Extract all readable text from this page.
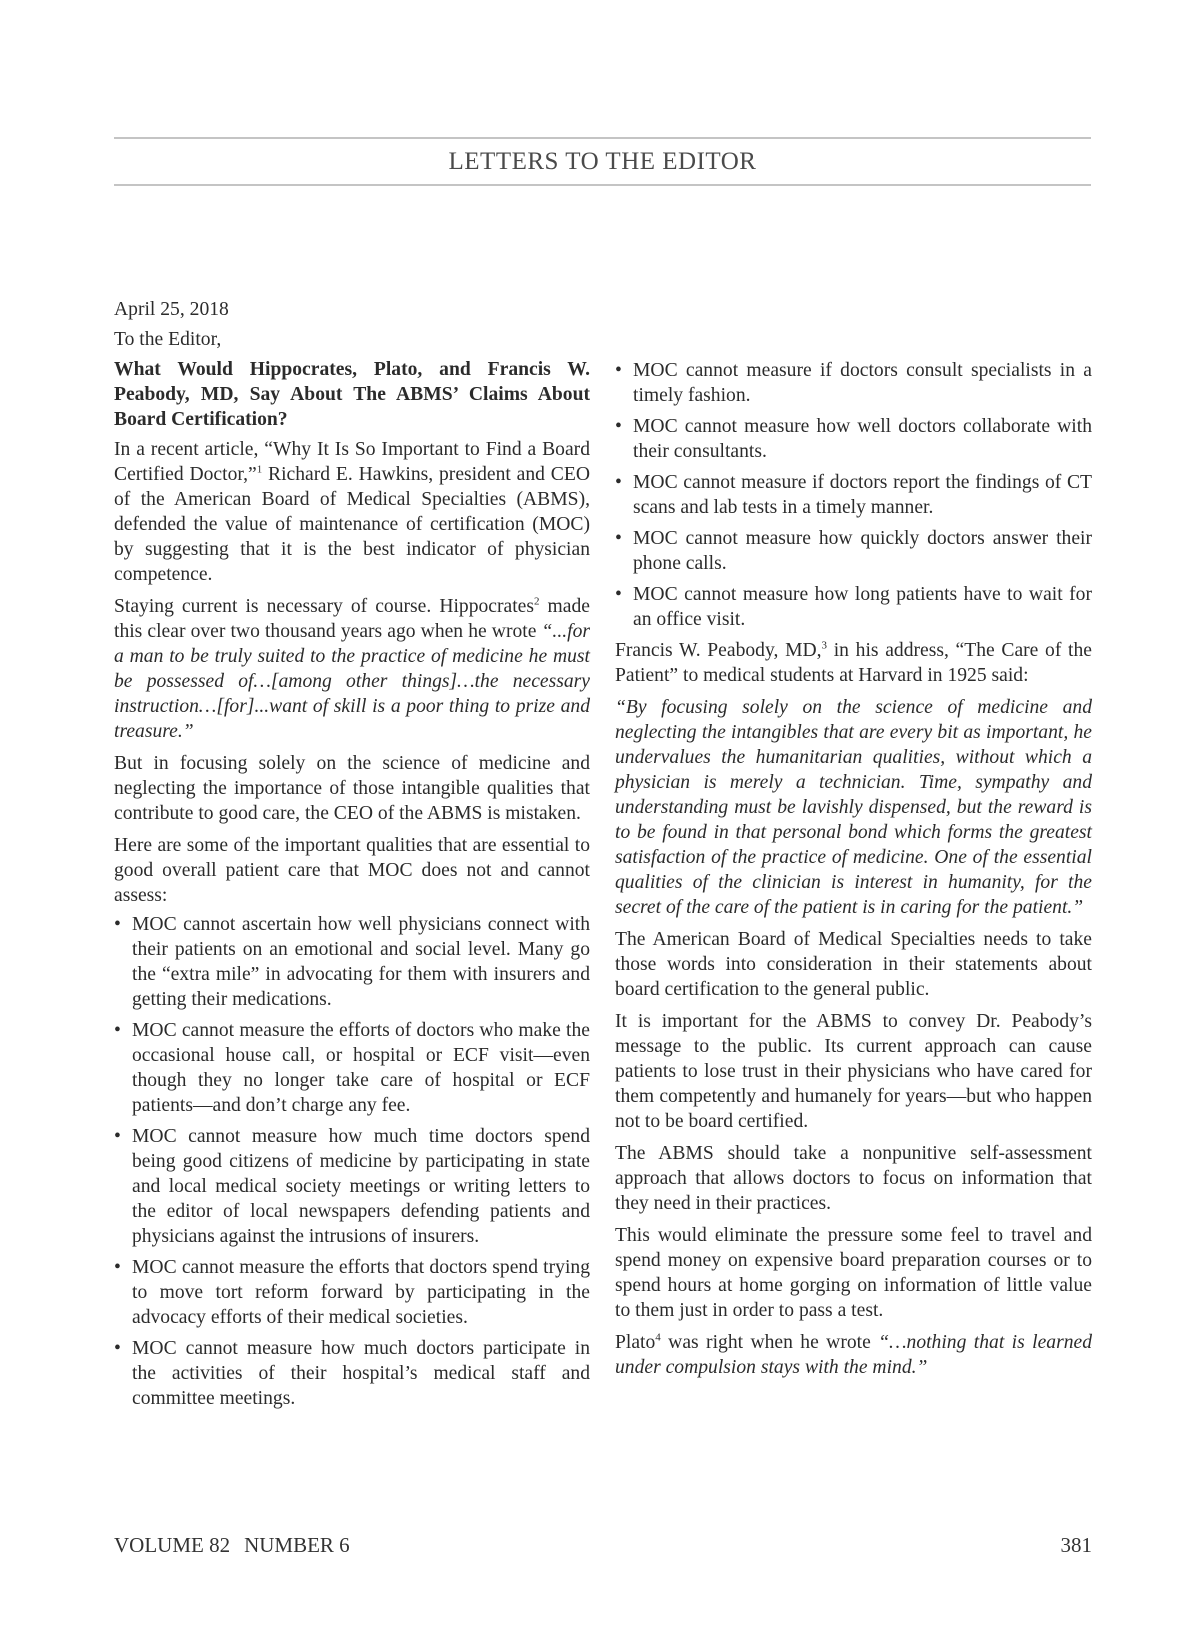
LETTERS TO THE EDITOR
April 25, 2018
To the Editor,
What Would Hippocrates, Plato, and Francis W. Peabody, MD, Say About The ABMS’ Claims About Board Certification?
In a recent article, “Why It Is So Important to Find a Board Certified Doctor,”$^1$ Richard E. Hawkins, president and CEO of the American Board of Medical Specialties (ABMS), defended the value of maintenance of certification (MOC) by suggesting that it is the best indicator of physician competence.
Staying current is necessary of course. Hippocrates$^2$ made this clear over two thousand years ago when he wrote “...for a man to be truly suited to the practice of medicine he must be possessed of…[among other things]…the necessary instruction…[for]...want of skill is a poor thing to prize and treasure.”
But in focusing solely on the science of medicine and neglecting the importance of those intangible qualities that contribute to good care, the CEO of the ABMS is mistaken.
Here are some of the important qualities that are essential to good overall patient care that MOC does not and cannot assess:
• MOC cannot ascertain how well physicians connect with their patients on an emotional and social level. Many go the “extra mile” in advocating for them with insurers and getting their medications.
• MOC cannot measure the efforts of doctors who make the occasional house call, or hospital or ECF visit—even though they no longer take care of hospital or ECF patients—and don’t charge any fee.
• MOC cannot measure how much time doctors spend being good citizens of medicine by participating in state and local medical society meetings or writing letters to the editor of local newspapers defending patients and physicians against the intrusions of insurers.
• MOC cannot measure the efforts that doctors spend trying to move tort reform forward by participating in the advocacy efforts of their medical societies.
• MOC cannot measure how much doctors participate in the activities of their hospital’s medical staff and committee meetings.
• MOC cannot measure if doctors consult specialists in a timely fashion.
• MOC cannot measure how well doctors collaborate with their consultants.
• MOC cannot measure if doctors report the findings of CT scans and lab tests in a timely manner.
• MOC cannot measure how quickly doctors answer their phone calls.
• MOC cannot measure how long patients have to wait for an office visit.
Francis W. Peabody, MD,$^3$ in his address, “The Care of the Patient” to medical students at Harvard in 1925 said:
“By focusing solely on the science of medicine and neglecting the intangibles that are every bit as important, he undervalues the humanitarian qualities, without which a physician is merely a technician. Time, sympathy and understanding must be lavishly dispensed, but the reward is to be found in that personal bond which forms the greatest satisfaction of the practice of medicine. One of the essential qualities of the clinician is interest in humanity, for the secret of the care of the patient is in caring for the patient.”
The American Board of Medical Specialties needs to take those words into consideration in their statements about board certification to the general public.
It is important for the ABMS to convey Dr. Peabody’s message to the public. Its current approach can cause patients to lose trust in their physicians who have cared for them competently and humanely for years—but who happen not to be board certified.
The ABMS should take a nonpunitive self-assessment approach that allows doctors to focus on information that they need in their practices.
This would eliminate the pressure some feel to travel and spend money on expensive board preparation courses or to spend hours at home gorging on information of little value to them just in order to pass a test.
Plato$^4$ was right when he wrote “…nothing that is learned under compulsion stays with the mind.”
VOLUME 82 NUMBER 6	381
